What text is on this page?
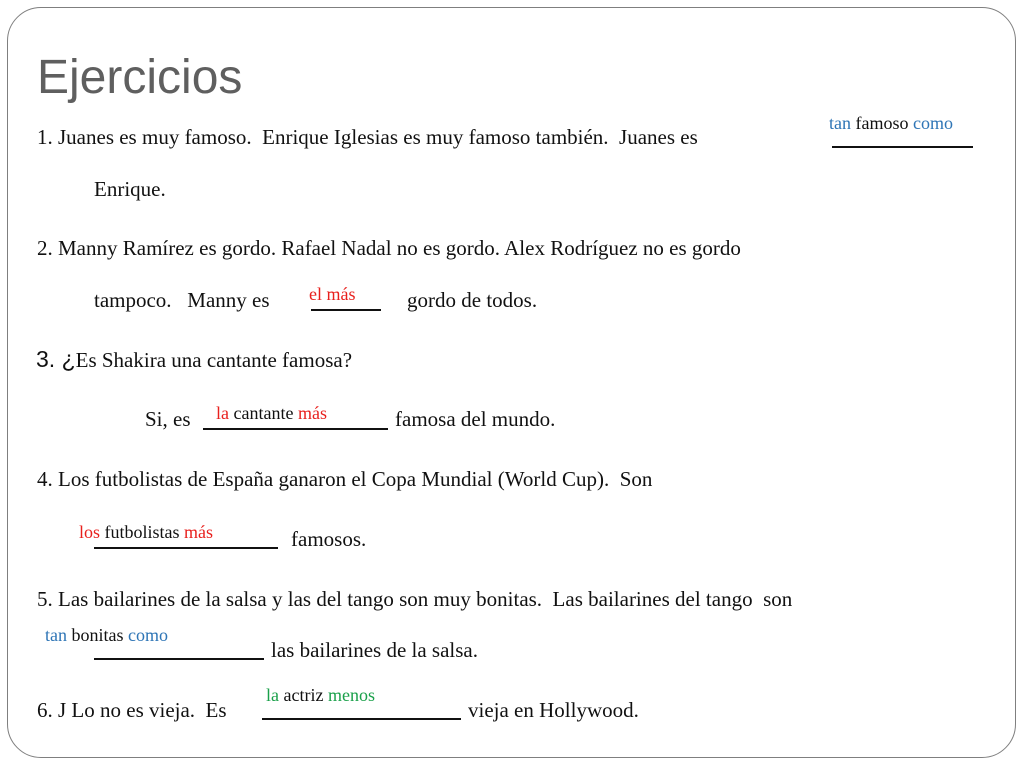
Ejercicios
1. Juanes es muy famoso.  Enrique Iglesias es muy famoso también.  Juanes es
tan famoso como
Enrique.
2. Manny Ramírez es gordo. Rafael Nadal no es gordo. Alex Rodríguez no es gordo
tampoco.   Manny es el más gordo de todos.
3. ¿Es Shakira una cantante famosa?
Si, es la cantante más	famosa del mundo.
4. Los futbolistas de España ganaron el Copa Mundial (World Cup).  Son
los futbolistas más	famosos.
5. Las bailarines de la salsa y las del tango son muy bonitas.  Las bailarines del tango  son
tan bonitas como
las bailarines de la salsa.
6. J Lo no es vieja.  Es
la actriz menos
vieja en Hollywood.
